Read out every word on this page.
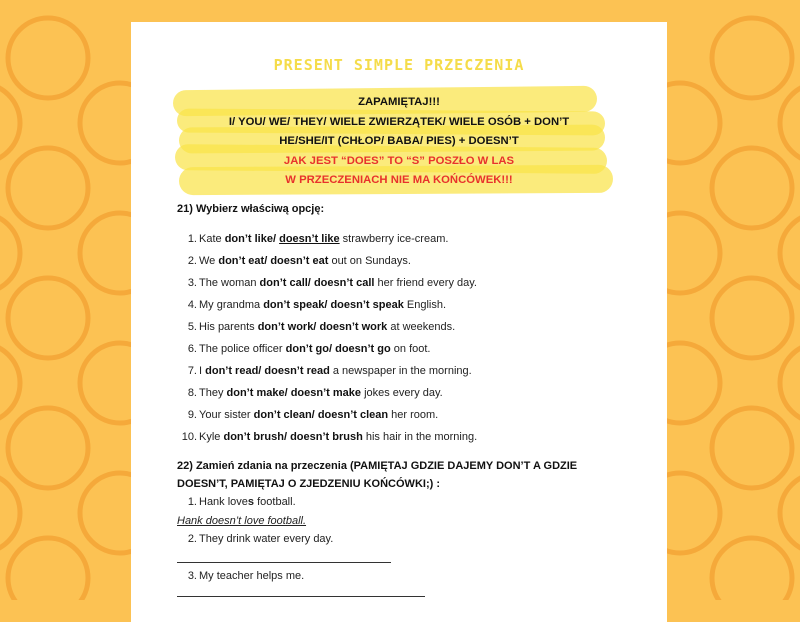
PRESENT SIMPLE PRZECZENIA
ZAPAMIĘTAJ!!!
I/ YOU/ WE/ THEY/ WIELE ZWIERZĄTEK/ WIELE OSÓB + DON’T
HE/SHE/IT (CHŁOP/ BABA/ PIES) + DOESN’T
JAK JEST “DOES” TO “S” POSZŁO W LAS
W PRZECZENIACH NIE MA KOŃCÓWEK!!!
21) Wybierz właściwą opcję:
1. Kate don’t like/ doesn’t like strawberry ice-cream.
2. We don’t eat/ doesn’t eat out on Sundays.
3. The woman don’t call/ doesn’t call her friend every day.
4. My grandma don’t speak/ doesn’t speak English.
5. His parents don’t work/ doesn’t work at weekends.
6. The police officer don’t go/ doesn’t go on foot.
7. I don’t read/ doesn’t read a newspaper in the morning.
8. They don’t make/ doesn’t make jokes every day.
9. Your sister don’t clean/ doesn’t clean her room.
10. Kyle don’t brush/ doesn’t brush his hair in the morning.
22) Zamień zdania na przeczenia (PAMIĘTAJ GDZIE DAJEMY DON’T A GDZIE
DOESN’T, PAMIĘTAJ O ZJEDZENIU KOŃCÓWKI;) :
1. Hank loves football.
Hank doesn’t love football.
2. They drink water every day.
3. My teacher helps me.
